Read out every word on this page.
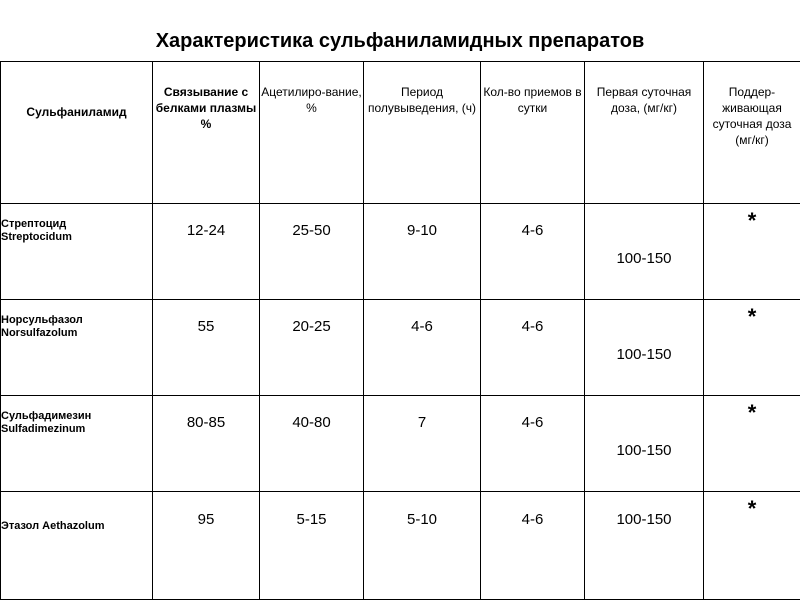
Характеристика сульфаниламидных препаратов
Сульфаниламид	Связывание с белками плазмы %	Ацетилиро-вание, %	Период полувыведения, (ч)	Кол-во приемов в сутки	Первая суточная доза, (мг/кг)	Поддер-живающая суточная доза (мг/кг)

Стрептоцид
Streptocidum	12-24	25-50	9-10	4-6	100-150	*

Норсульфазол
Norsulfazolum	55	20-25	4-6	4-6	100-150	*

Сульфадимезин
Sulfadimezinum	80-85	40-80	7	4-6	100-150	*

Этазол Aethazolum	95	5-15	5-10	4-6	100-150	*
